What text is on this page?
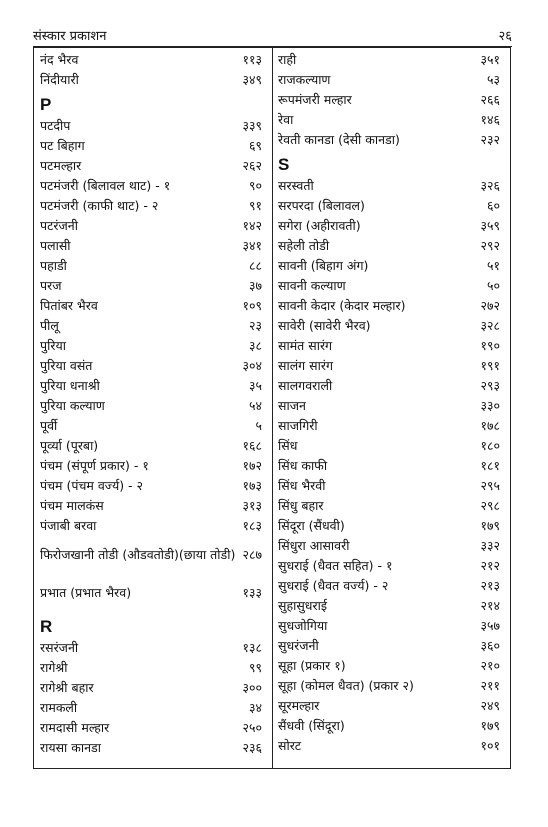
संस्कार प्रकाशन	२६
नंद भैरव	११३
निंदीयारी	३४९
P
पटदीप	३३९
पट बिहाग	६९
पटमल्हार	२६२
पटमंजरी (बिलावल थाट) - १	९०
पटमंजरी (काफी थाट) - २	९१
पटरंजनी	१४२
पलासी	३४१
पहाडी	८८
परज	३७
पितांबर भैरव	१०९
पीलू	२३
पुरिया	३८
पुरिया वसंत	३०४
पुरिया धनाश्री	३५
पुरिया कल्याण	५४
पूर्वी	५
पूर्व्या (पूरबा)	१६८
पंचम (संपूर्ण प्रकार) - १	१७२
पंचम (पंचम वर्ज्य) - २	१७३
पंचम मालकंस	३१३
पंजाबी बरवा	१८३
फिरोजखानी तोडी (औडवतोडी)(छाया तोडी) २८७
प्रभात (प्रभात भैरव)	१३३
R
रसरंजनी	१३८
रागेश्री	९९
रागेश्री बहार	३००
रामकली	३४
रामदासी मल्हार	२५०
रायसा कानडा	२३६
राही	३५१
राजकल्याण	५३
रूपमंजरी मल्हार	२६६
रेवा	१४६
रेवती कानडा (देसी कानडा)	२३२
S
सरस्वती	३२६
सरपरदा (बिलावल)	६०
सगेरा (अहीरावती)	३५९
सहेली तोडी	२९२
सावनी (बिहाग अंग)	५१
सावनी कल्याण	५०
सावनी केदार (केदार मल्हार)	२७२
सावेरी (सावेरी भैरव)	३२८
सामंत सारंग	१९०
सालंग सारंग	१९१
सालगवराली	२९३
साजन	३३०
साजगिरी	१७८
सिंध	१८०
सिंध काफी	१८१
सिंध भैरवी	२९५
सिंधु बहार	२९८
सिंदूरा (सैंधवी)	१७९
सिंधुरा आसावरी	३३२
सुधराई (धैवत सहित) - १	२१२
सुधराई (धैवत वर्ज्य) - २	२१३
सुहासुधराई	२१४
सुधजोगिया	३५७
सुधरंजनी	३६०
सूहा (प्रकार १)	२१०
सूहा (कोमल धैवत) (प्रकार २)	२११
सूरमल्हार	२४९
सैंधवी (सिंदूरा)	१७९
सोरट	१०१
